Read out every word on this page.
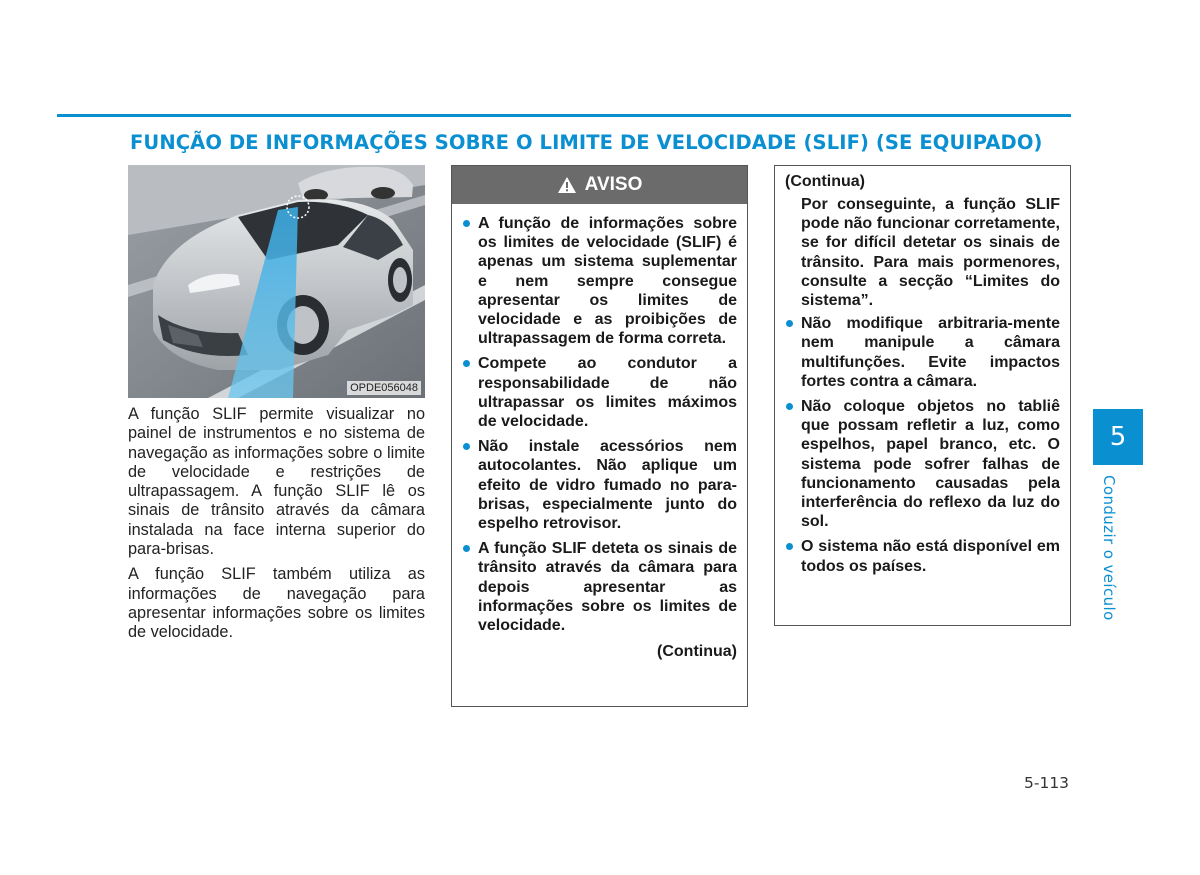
FUNÇÃO DE INFORMAÇÕES SOBRE O LIMITE DE VELOCIDADE (SLIF) (SE EQUIPADO)
OPDE056048

A função SLIF permite visualizar no painel de instrumentos e no sistema de navegação as informações sobre o limite de velocidade e restrições de ultrapassagem. A função SLIF lê os sinais de trânsito através da câmara instalada na face interna superior do para-brisas.

A função SLIF também utiliza as informações de navegação para apresentar informações sobre os limites de velocidade.

AVISO
A função de informações sobre os limites de velocidade (SLIF) é apenas um sistema suplementar e nem sempre consegue apresentar os limites de velocidade e as proibições de ultrapassagem de forma correta.
Compete ao condutor a responsabilidade de não ultrapassar os limites máximos de velocidade.
Não instale acessórios nem autocolantes. Não aplique um efeito de vidro fumado no para-brisas, especialmente junto do espelho retrovisor.
A função SLIF deteta os sinais de trânsito através da câmara para depois apresentar as informações sobre os limites de velocidade.
(Continua)
(Continua)
Por conseguinte, a função SLIF pode não funcionar corretamente, se for difícil detetar os sinais de trânsito. Para mais pormenores, consulte a secção “Limites do sistema”.
Não modifique arbitraria-mente nem manipule a câmara multifunções. Evite impactos fortes contra a câmara.
Não coloque objetos no tabliê que possam refletir a luz, como espelhos, papel branco, etc. O sistema pode sofrer falhas de funcionamento causadas pela interferência do reflexo da luz do sol.
O sistema não está disponível em todos os países.
5
Conduzir o veículo
5-113
